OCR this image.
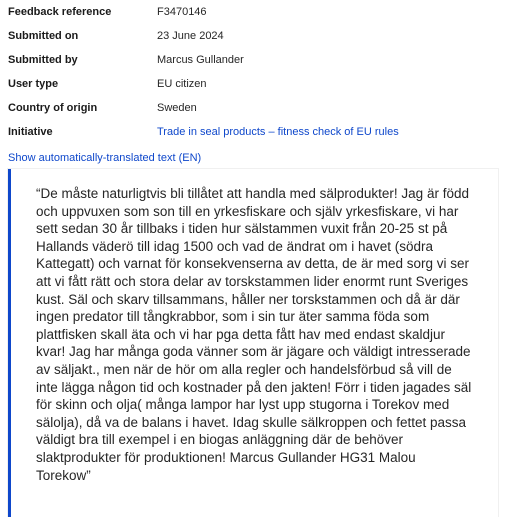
Feedback reference	F3470146
Submitted on	23 June 2024
Submitted by	Marcus Gullander
User type	EU citizen
Country of origin	Sweden
Initiative	Trade in seal products – fitness check of EU rules
Show automatically-translated text (EN)

“De måste naturligtvis bli tillåtet att handla med sälprodukter! Jag är född
och uppvuxen som son till en yrkesfiskare och själv yrkesfiskare, vi har
sett sedan 30 år tillbaks i tiden hur sälstammen vuxit från 20-25 st på
Hallands väderö till idag 1500 och vad de ändrat om i havet (södra
Kattegatt) och varnat för konsekvenserna av detta, de är med sorg vi ser
att vi fått rätt och stora delar av torskstammen lider enormt runt Sveriges
kust. Säl och skarv tillsammans, håller ner torskstammen och då är där
ingen predator till tångkrabbor, som i sin tur äter samma föda som
plattfisken skall äta och vi har pga detta fått hav med endast skaldjur
kvar! Jag har många goda vänner som är jägare och väldigt intresserade
av säljakt., men när de hör om alla regler och handelsförbud så vill de
inte lägga någon tid och kostnader på den jakten! Förr i tiden jagades säl
för skinn och olja( många lampor har lyst upp stugorna i Torekov med
sälolja), då va de balans i havet. Idag skulle sälkroppen och fettet passa
väldigt bra till exempel i en biogas anläggning där de behöver
slaktprodukter för produktionen! Marcus Gullander HG31 Malou
Torekow”
